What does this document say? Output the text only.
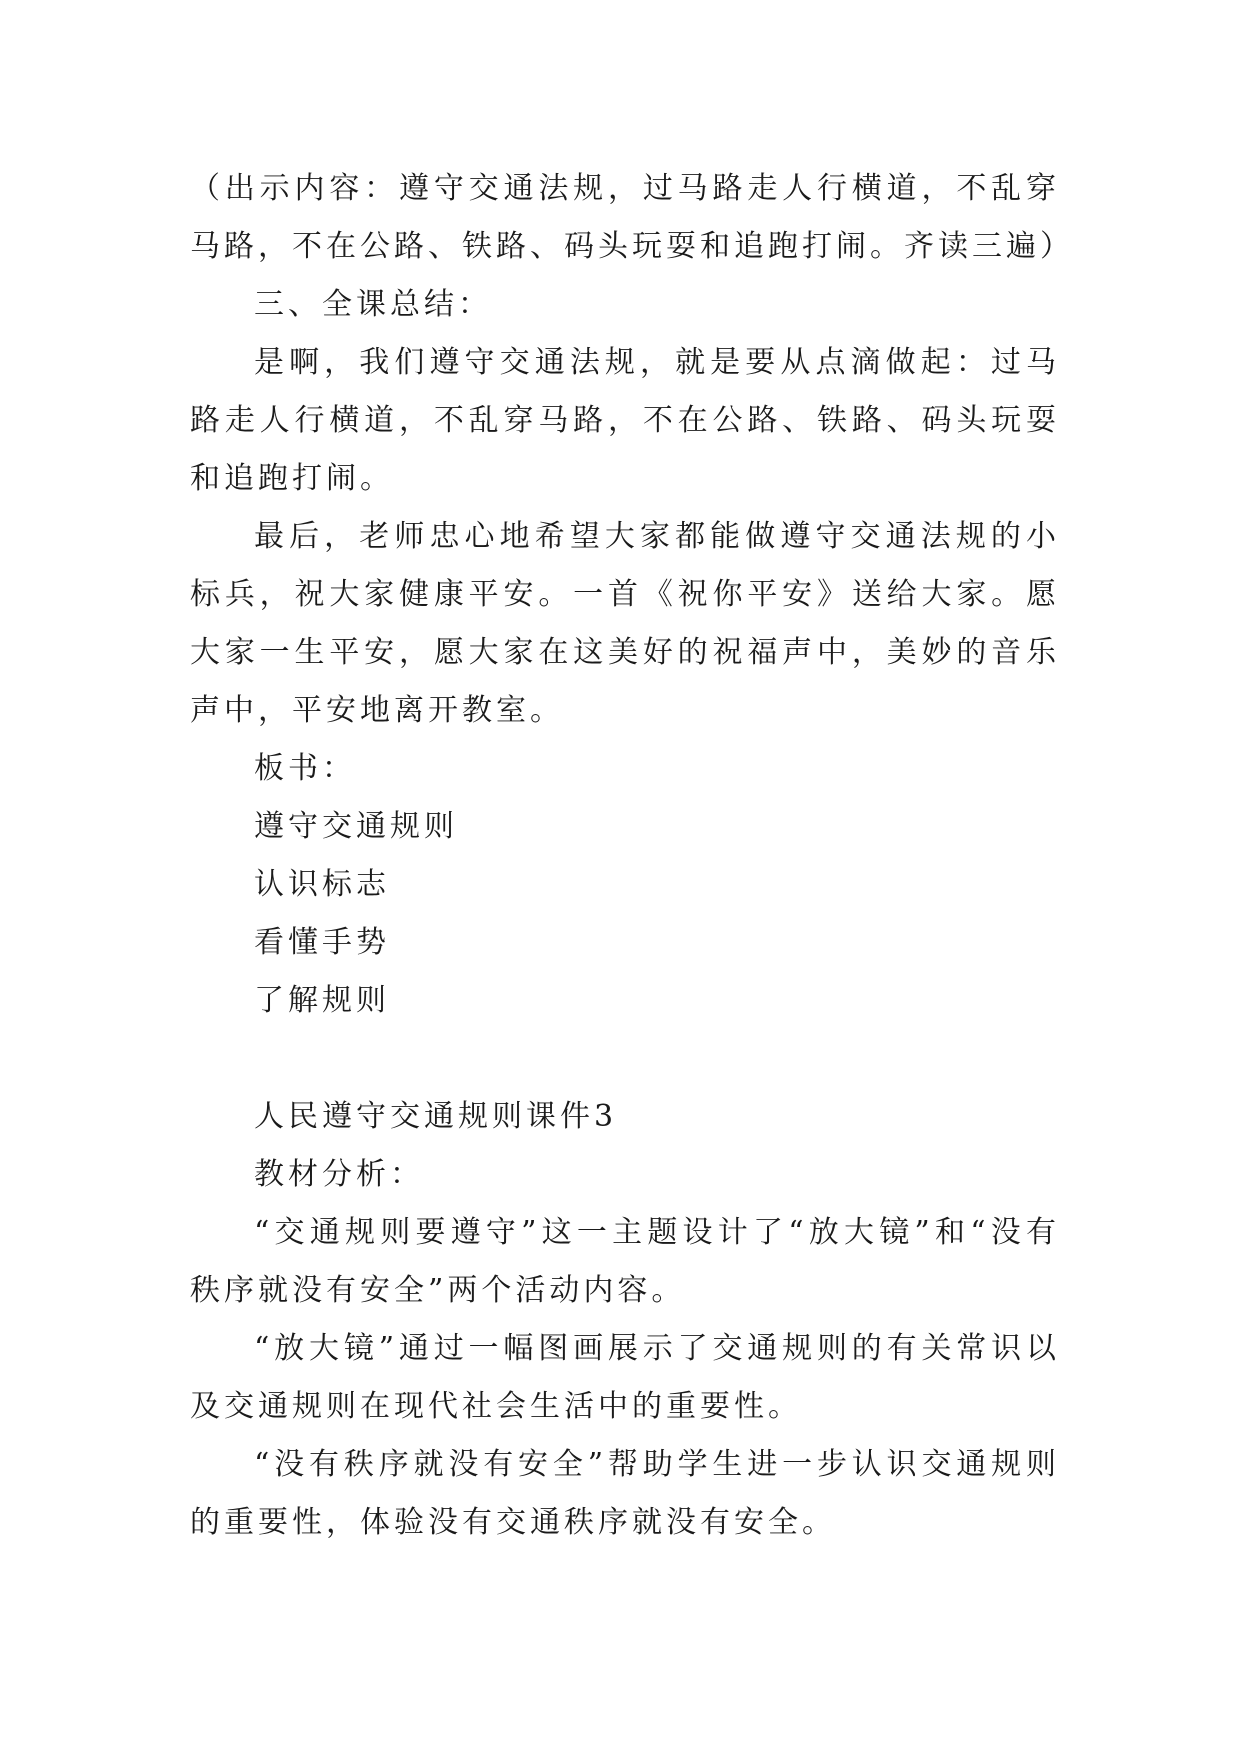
（出示内容：遵守交通法规，过马路走人行横道，不乱穿马路，不在公路、铁路、码头玩耍和追跑打闹。齐读三遍）

三、全课总结：

是啊，我们遵守交通法规，就是要从点滴做起：过马路走人行横道，不乱穿马路，不在公路、铁路、码头玩耍和追跑打闹。

最后，老师忠心地希望大家都能做遵守交通法规的小标兵，祝大家健康平安。一首《祝你平安》送给大家。愿大家一生平安，愿大家在这美好的祝福声中，美妙的音乐声中，平安地离开教室。

板书：

遵守交通规则

认识标志

看懂手势

了解规则

人民遵守交通规则课件3

教材分析：

“交通规则要遵守”这一主题设计了“放大镜”和“没有秩序就没有安全”两个活动内容。

“放大镜”通过一幅图画展示了交通规则的有关常识以及交通规则在现代社会生活中的重要性。

“没有秩序就没有安全”帮助学生进一步认识交通规则的重要性，体验没有交通秩序就没有安全。
